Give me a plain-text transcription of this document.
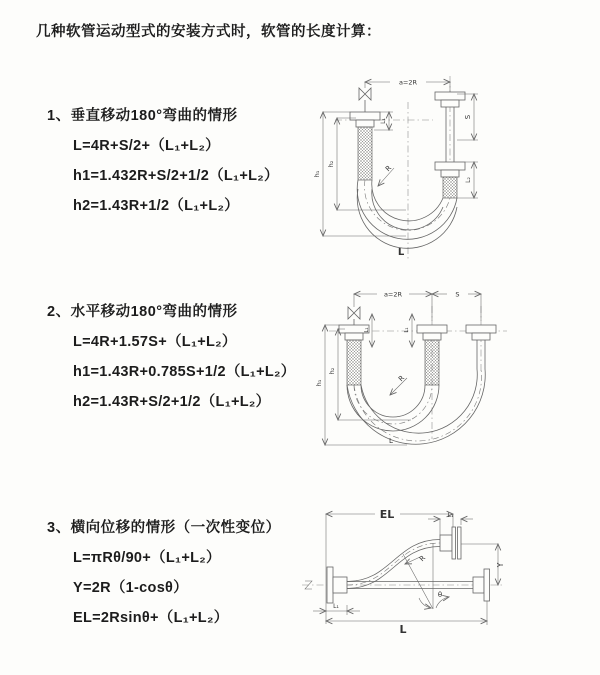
几种软管运动型式的安装方式时，软管的长度计算：
1、垂直移动180°弯曲的情形
L=4R+S/2+（L₁+L₂）
h1=1.432R+S/2+1/2（L₁+L₂）
h2=1.43R+1/2（L₁+L₂）
2、水平移动180°弯曲的情形
L=4R+1.57S+（L₁+L₂）
h1=1.43R+0.785S+1/2（L₁+L₂）
h2=1.43R+S/2+1/2（L₁+L₂）
3、横向位移的情形（一次性变位）
L=πRθ/90+（L₁+L₂）
Y=2R（1-cosθ）
EL=2Rsinθ+（L₁+L₂）
a=2R
L₁
h₁
h₂
R
S
L₂
L
a=2R	S
L₁	L₁
h₁
h₂
R
L
EL	L₁
R
θ
Y
L₁
L
